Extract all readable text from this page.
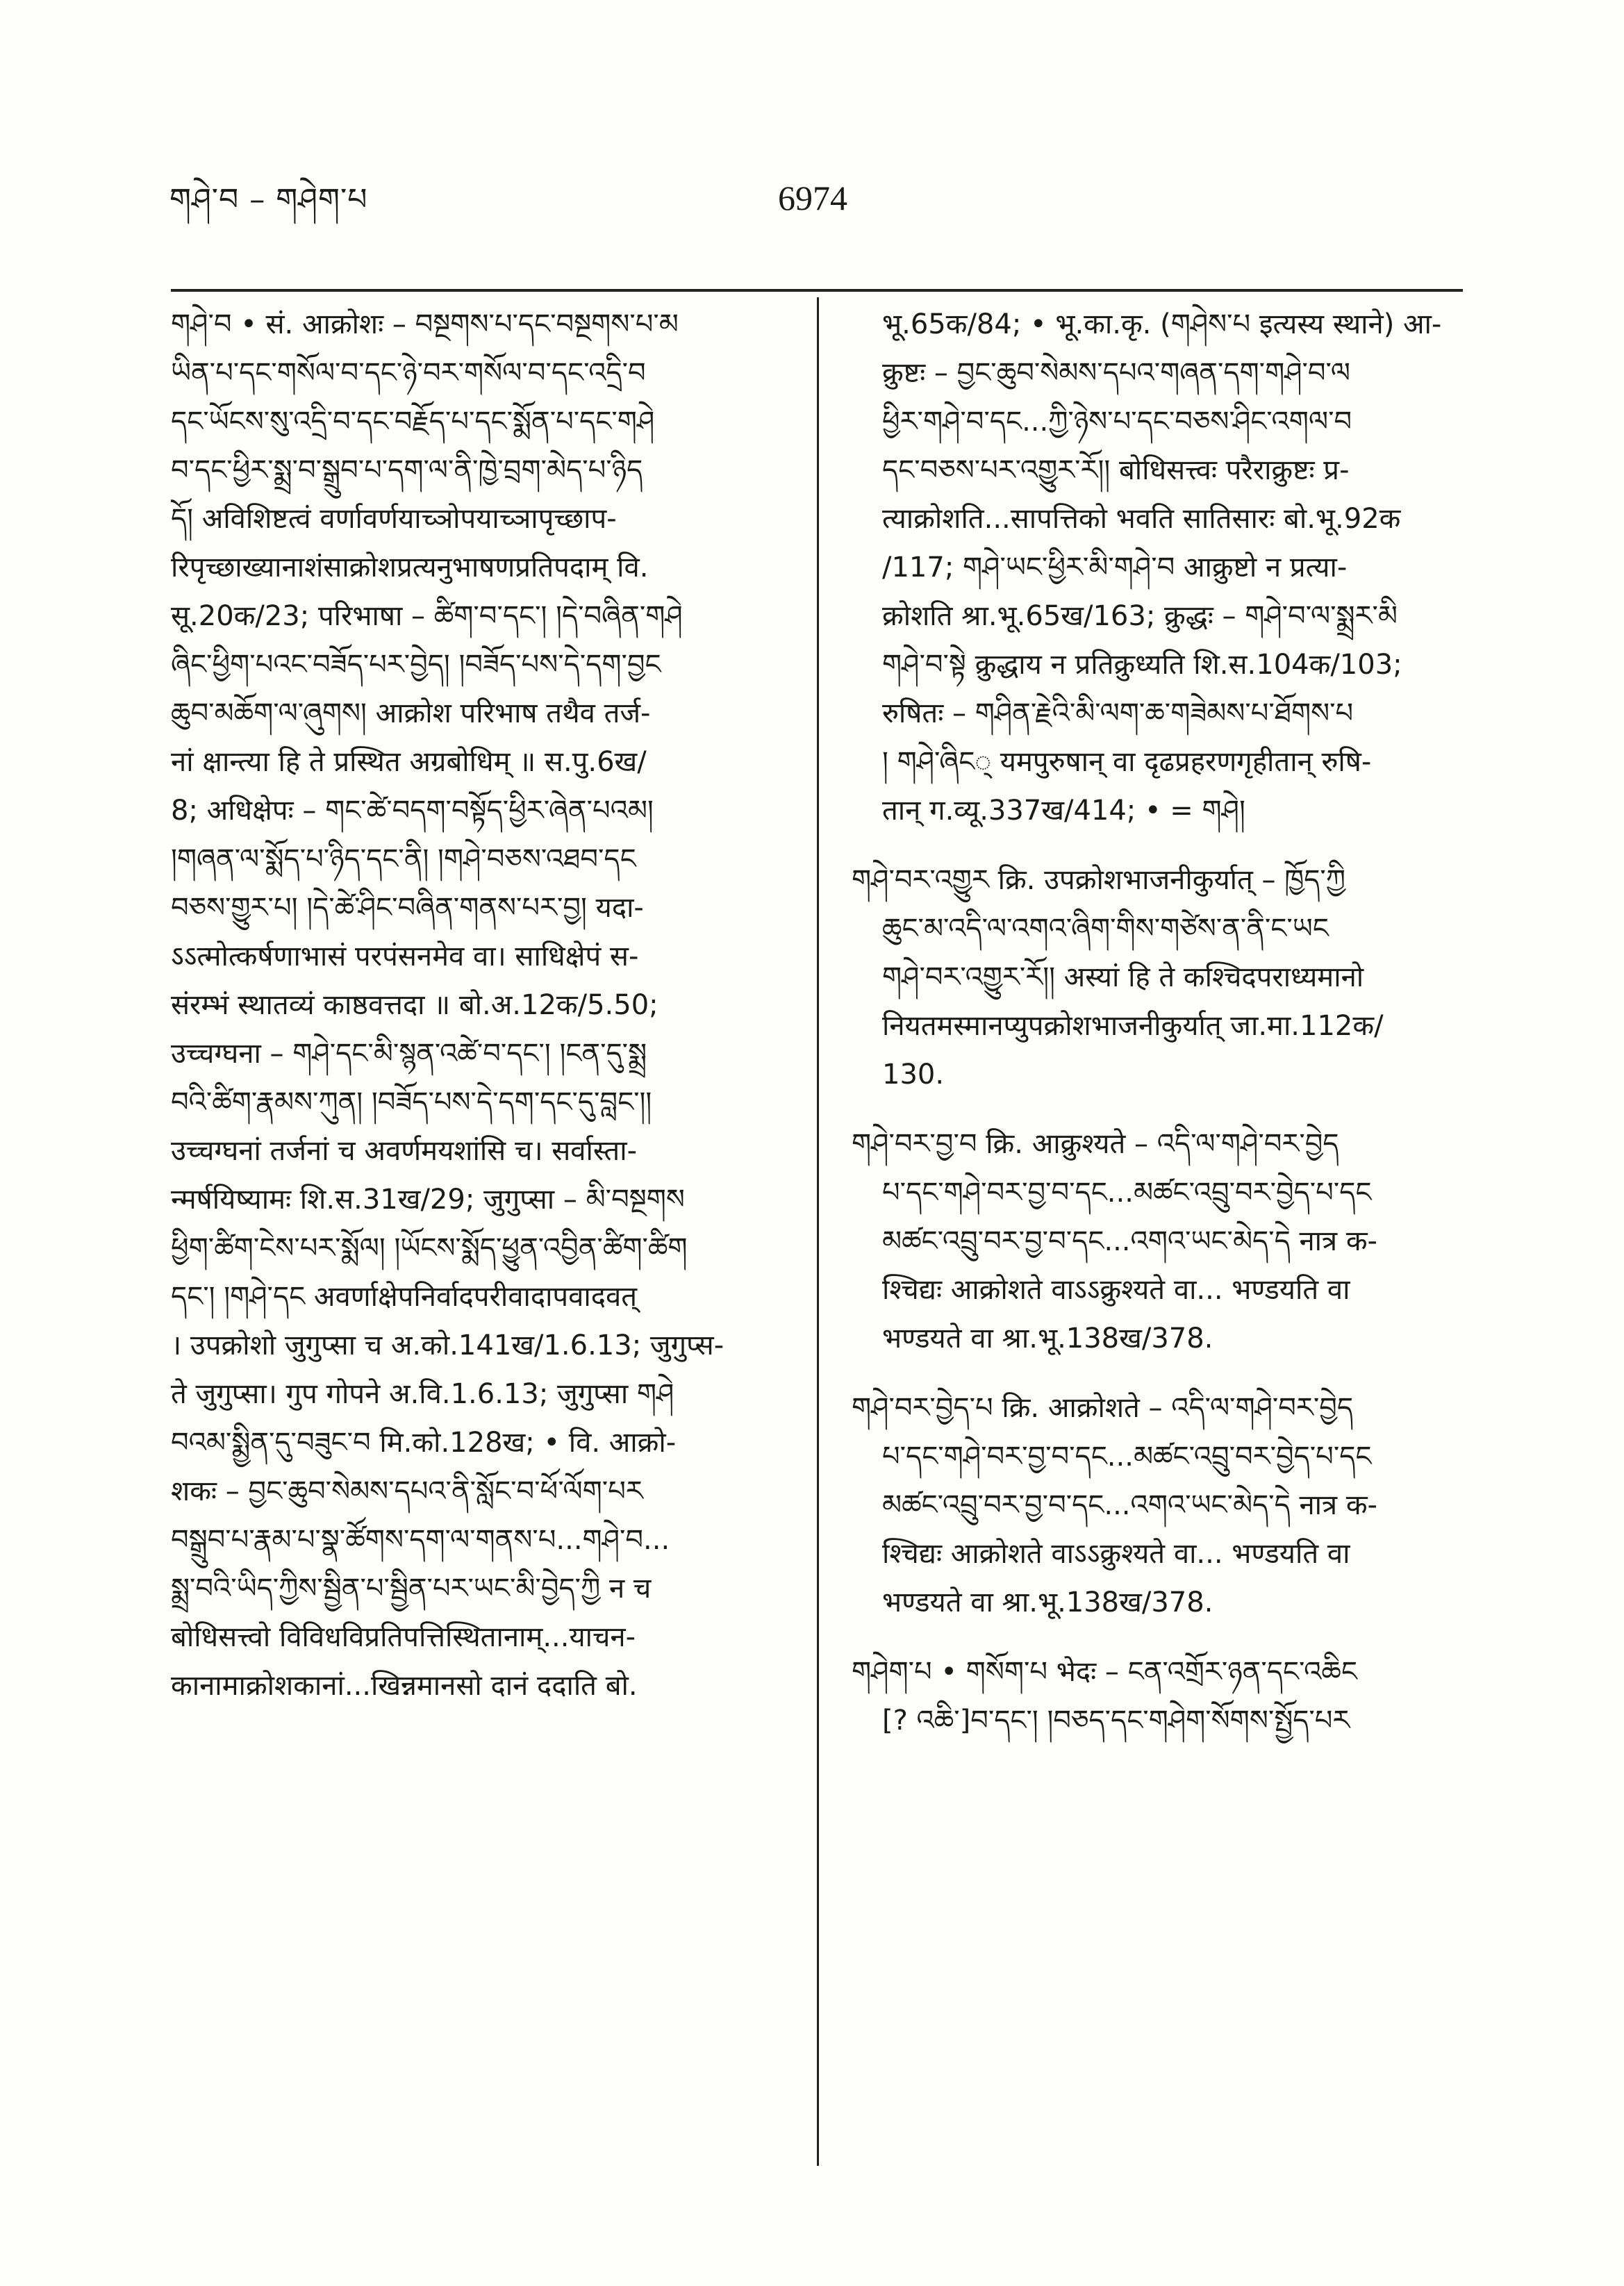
གཤེ་བ – གཤེག་པ	6974
གཤེ་བ • सं. आक्रोशः – བསྔགས་པ་དང་བསྔགས་པ་མ
ཡིན་པ་དང་གསོལ་བ་དང་ཉེ་བར་གསོལ་བ་དང་འདྲི་བ
དང་ཡོངས་སུ་འདྲི་བ་དང་བརྗོད་པ་དང་སྨོན་པ་དང་གཤེ
བ་དང་ཕྱིར་སྨྲ་བ་སྒྲུབ་པ་དག་ལ་ནི་ཁྱེ་བྲག་མེད་པ་ཉིད
དོ། अविशिष्टत्वं वर्णावर्णयाच्ञोपयाच्ञापृच्छाप-
रिपृच्छाख्यानाशंसाक्रोशप्रत्यनुभाषणप्रतिपदाम् वि.
सू.20क/23; परिभाषा – ཚིག་བ་དང་། །དེ་བཞིན་གཤེ
ཞིང་ཕྱིག་པའང་བཟོད་པར་བྱེད། །བཟོད་པས་དེ་དག་བྱང
ཆུབ་མཆོག་ལ་ཞུགས། आक्रोश परिभाष तथैव तर्ज-
नां क्षान्त्या हि ते प्रस्थित अग्रबोधिम् ॥ स.पु.6ख/
8; अधिक्षेपः – གང་ཚེ་བདག་བསྟོད་ཕྱིར་ཞེན་པའམ།
།གཞན་ལ་སྨོད་པ་ཉིད་དང་ནི། །གཤེ་བཅས་འཐབ་དང
བཅས་གྱུར་པ། །དེ་ཚེ་ཤིང་བཞིན་གནས་པར་བྱ། यदा-
ऽऽत्मोत्कर्षणाभासं परपंसनमेव वा। साधिक्षेपं स-
संरम्भं स्थातव्यं काष्ठवत्तदा ॥ बो.अ.12क/5.50;
उच्चग्घना – གཤེ་དང་མི་སྙན་འཚེ་བ་དང་། །ངན་དུ་སྨྲ
བའི་ཚིག་རྣམས་ཀུན། །བཟོད་པས་དེ་དག་དང་དུ་བླང་།།
उच्चग्घनां तर्जनां च अवर्णमयशांसि च। सर्वास्ता-
न्मर्षयिष्यामः शि.स.31ख/29; जुगुप्सा – མི་བསྔགས
ཕྱིག་ཚིག་ངེས་པར་སྨོལ། །ཡོངས་སྨོད་ཕྱུན་འབྱིན་ཚིག་ཚིག
དང་། །གཤེ་དང अवर्णाक्षेपनिर्वादपरीवादापवादवत्
। उपक्रोशो जुगुप्सा च अ.को.141ख/1.6.13; जुगुप्स-
ते जुगुप्सा। गुप गोपने अ.वि.1.6.13; जुगुप्सा གཤེ
བའམ་སྨྱིན་དུ་བཟུང་བ मि.को.128ख; • वि. आक्रो-
शकः – བྱང་ཆུབ་སེམས་དཔའ་ནི་སློང་བ་ཕོ་ལོག་པར
བསྒྲུབ་པ་རྣམ་པ་སྣ་ཚོགས་དག་ལ་གནས་པ...གཤེ་བ...
སྨྲ་བའི་ཡིད་ཀྱིས་སྦྱིན་པ་སྦྱིན་པར་ཡང་མི་བྱེད་ཀྱི न च
बोधिसत्त्वो विविधविप्रतिपत्तिस्थितानाम्...याचन-
कानामाक्रोशकानां...खिन्नमानसो दानं ददाति बो.
भू.65क/84; • भू.का.कृ. (གཤེས་པ इत्यस्य स्थाने) आ-
क्रुष्टः – བྱང་ཆུབ་སེམས་དཔའ་གཞན་དག་གཤེ་བ་ལ
ཕྱིར་གཤེ་བ་དང...ཀྱི་ཉེས་པ་དང་བཅས་ཤིང་འགལ་བ
དང་བཅས་པར་འགྱུར་རོ།། बोधिसत्त्वः परैराक्रुष्टः प्र-
त्याक्रोशति...सापत्तिको भवति सातिसारः बो.भू.92क
/117; གཤེ་ཡང་ཕྱིར་མི་གཤེ་བ आक्रुष्टो न प्रत्या-
क्रोशति श्रा.भू.65ख/163; क्रुद्धः – གཤེ་བ་ལ་སྨྲར་མི
གཤེ་བ་སྟེ क्रुद्धाय न प्रतिक्रुध्यति शि.स.104क/103;
रुषितः – གཤིན་རྗེའི་མི་ལག་ཆ་གཟེམས་པ་ཐོགས་པ
། གཤེ་ཞིང् यमपुरुषान् वा दृढप्रहरणगृहीतान् रुषि-
तान् ग.व्यू.337ख/414; • = གཤེ།
གཤེ་བར་འགྱུར क्रि. उपक्रोशभाजनीकुर्यात् – ཁྱོད་ཀྱི
ཆུང་མ་འདི་ལ་འགའ་ཞིག་གིས་གཙེས་ན་ནི་ང་ཡང
གཤེ་བར་འགྱུར་རོ།། अस्यां हि ते कश्चिदपराध्यमानो
नियतमस्मानप्युपक्रोशभाजनीकुर्यात् जा.मा.112क/
130.
གཤེ་བར་བྱ་བ क्रि. आक्रुश्यते – འདི་ལ་གཤེ་བར་བྱེད
པ་དང་གཤེ་བར་བྱ་བ་དང...མཚང་འབྲུ་བར་བྱེད་པ་དང
མཚང་འབྲུ་བར་བྱ་བ་དང...འགའ་ཡང་མེད་དེ नात्र क-
श्चिद्यः आक्रोशते वाऽऽक्रुश्यते वा... भण्डयति वा
भण्डयते वा श्रा.भू.138ख/378.
གཤེ་བར་བྱེད་པ क्रि. आक्रोशते – འདི་ལ་གཤེ་བར་བྱེད
པ་དང་གཤེ་བར་བྱ་བ་དང...མཚང་འབྲུ་བར་བྱེད་པ་དང
མཚང་འབྲུ་བར་བྱ་བ་དང...འགའ་ཡང་མེད་དེ नात्र क-
श्चिद्यः आक्रोशते वाऽऽक्रुश्यते वा... भण्डयति वा
भण्डयते वा श्रा.भू.138ख/378.
གཤེག་པ • གསོག་པ भेदः – ངན་འགྲོར་ཉན་དང་འཆིང
[? འཆི་]བ་དང་། །བཅད་དང་གཤེག་སོགས་སྤྱོད་པར
